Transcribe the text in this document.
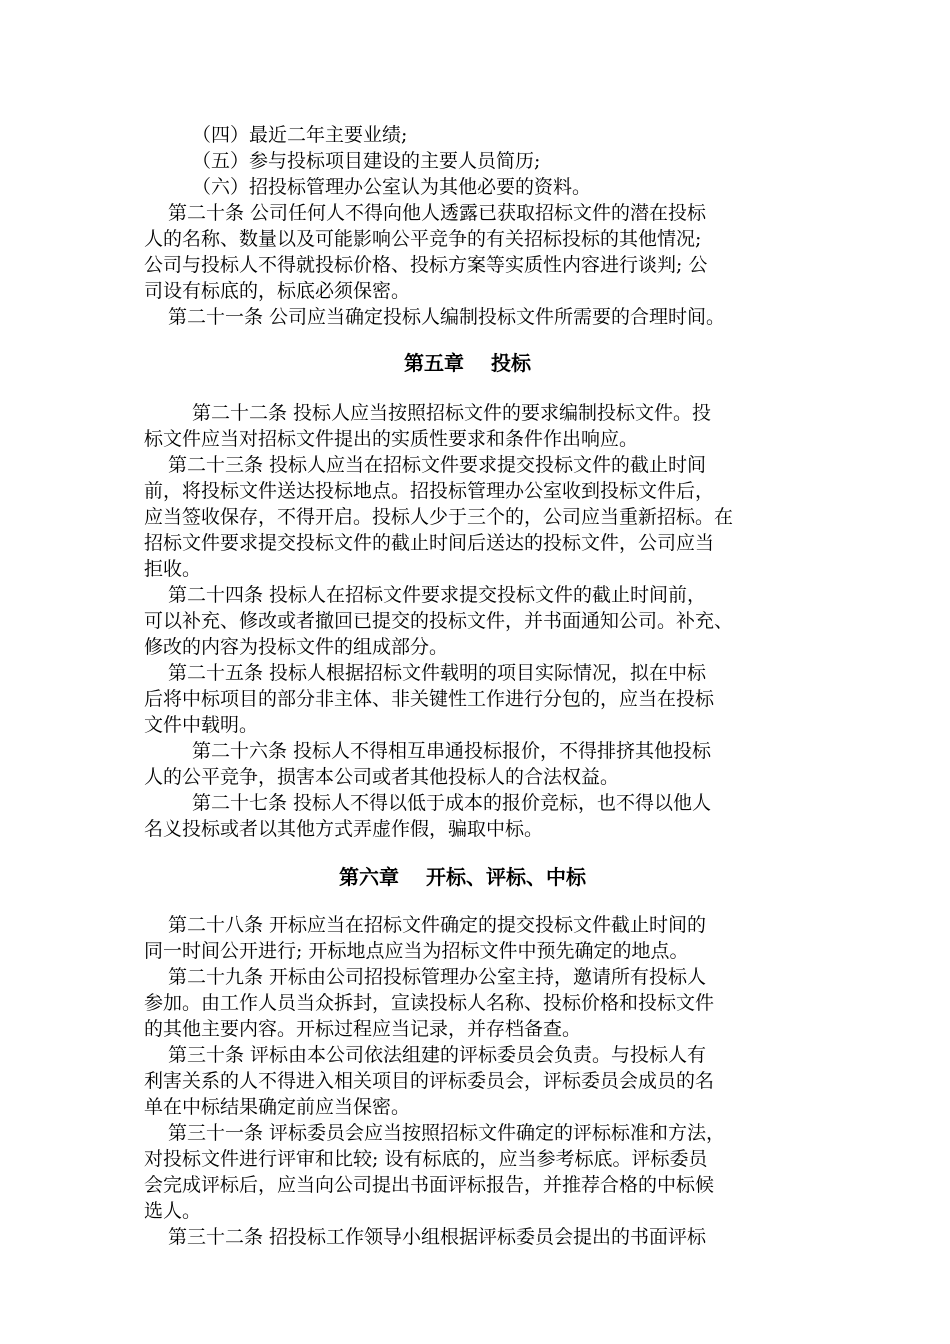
（四）最近二年主要业绩;

（五）参与投标项目建设的主要人员简历;

（六）招投标管理办公室认为其他必要的资料。

第二十条 公司任何人不得向他人透露已获取招标文件的潜在投标

人的名称、数量以及可能影响公平竞争的有关招标投标的其他情况;

公司与投标人不得就投标价格、投标方案等实质性内容进行谈判; 公

司设有标底的，标底必须保密。

第二十一条 公司应当确定投标人编制投标文件所需要的合理时间。

第五章　 投标

第二十二条 投标人应当按照招标文件的要求编制投标文件。投

标文件应当对招标文件提出的实质性要求和条件作出响应。

第二十三条 投标人应当在招标文件要求提交投标文件的截止时间

前，将投标文件送达投标地点。招投标管理办公室收到投标文件后，

应当签收保存，不得开启。投标人少于三个的，公司应当重新招标。在

招标文件要求提交投标文件的截止时间后送达的投标文件，公司应当

拒收。

第二十四条 投标人在招标文件要求提交投标文件的截止时间前，

可以补充、修改或者撤回已提交的投标文件，并书面通知公司。补充、

修改的内容为投标文件的组成部分。

第二十五条 投标人根据招标文件载明的项目实际情况，拟在中标

后将中标项目的部分非主体、非关键性工作进行分包的，应当在投标

文件中载明。

第二十六条 投标人不得相互串通投标报价，不得排挤其他投标

人的公平竞争，损害本公司或者其他投标人的合法权益。

第二十七条 投标人不得以低于成本的报价竞标，也不得以他人

名义投标或者以其他方式弄虚作假，骗取中标。

第六章　 开标、评标、中标

第二十八条 开标应当在招标文件确定的提交投标文件截止时间的

同一时间公开进行; 开标地点应当为招标文件中预先确定的地点。

第二十九条 开标由公司招投标管理办公室主持，邀请所有投标人

参加。由工作人员当众拆封，宣读投标人名称、投标价格和投标文件

的其他主要内容。开标过程应当记录，并存档备查。

第三十条 评标由本公司依法组建的评标委员会负责。与投标人有

利害关系的人不得进入相关项目的评标委员会，评标委员会成员的名

单在中标结果确定前应当保密。

第三十一条 评标委员会应当按照招标文件确定的评标标准和方法，

对投标文件进行评审和比较; 设有标底的，应当参考标底。评标委员

会完成评标后，应当向公司提出书面评标报告，并推荐合格的中标候

选人。

第三十二条 招投标工作领导小组根据评标委员会提出的书面评标
